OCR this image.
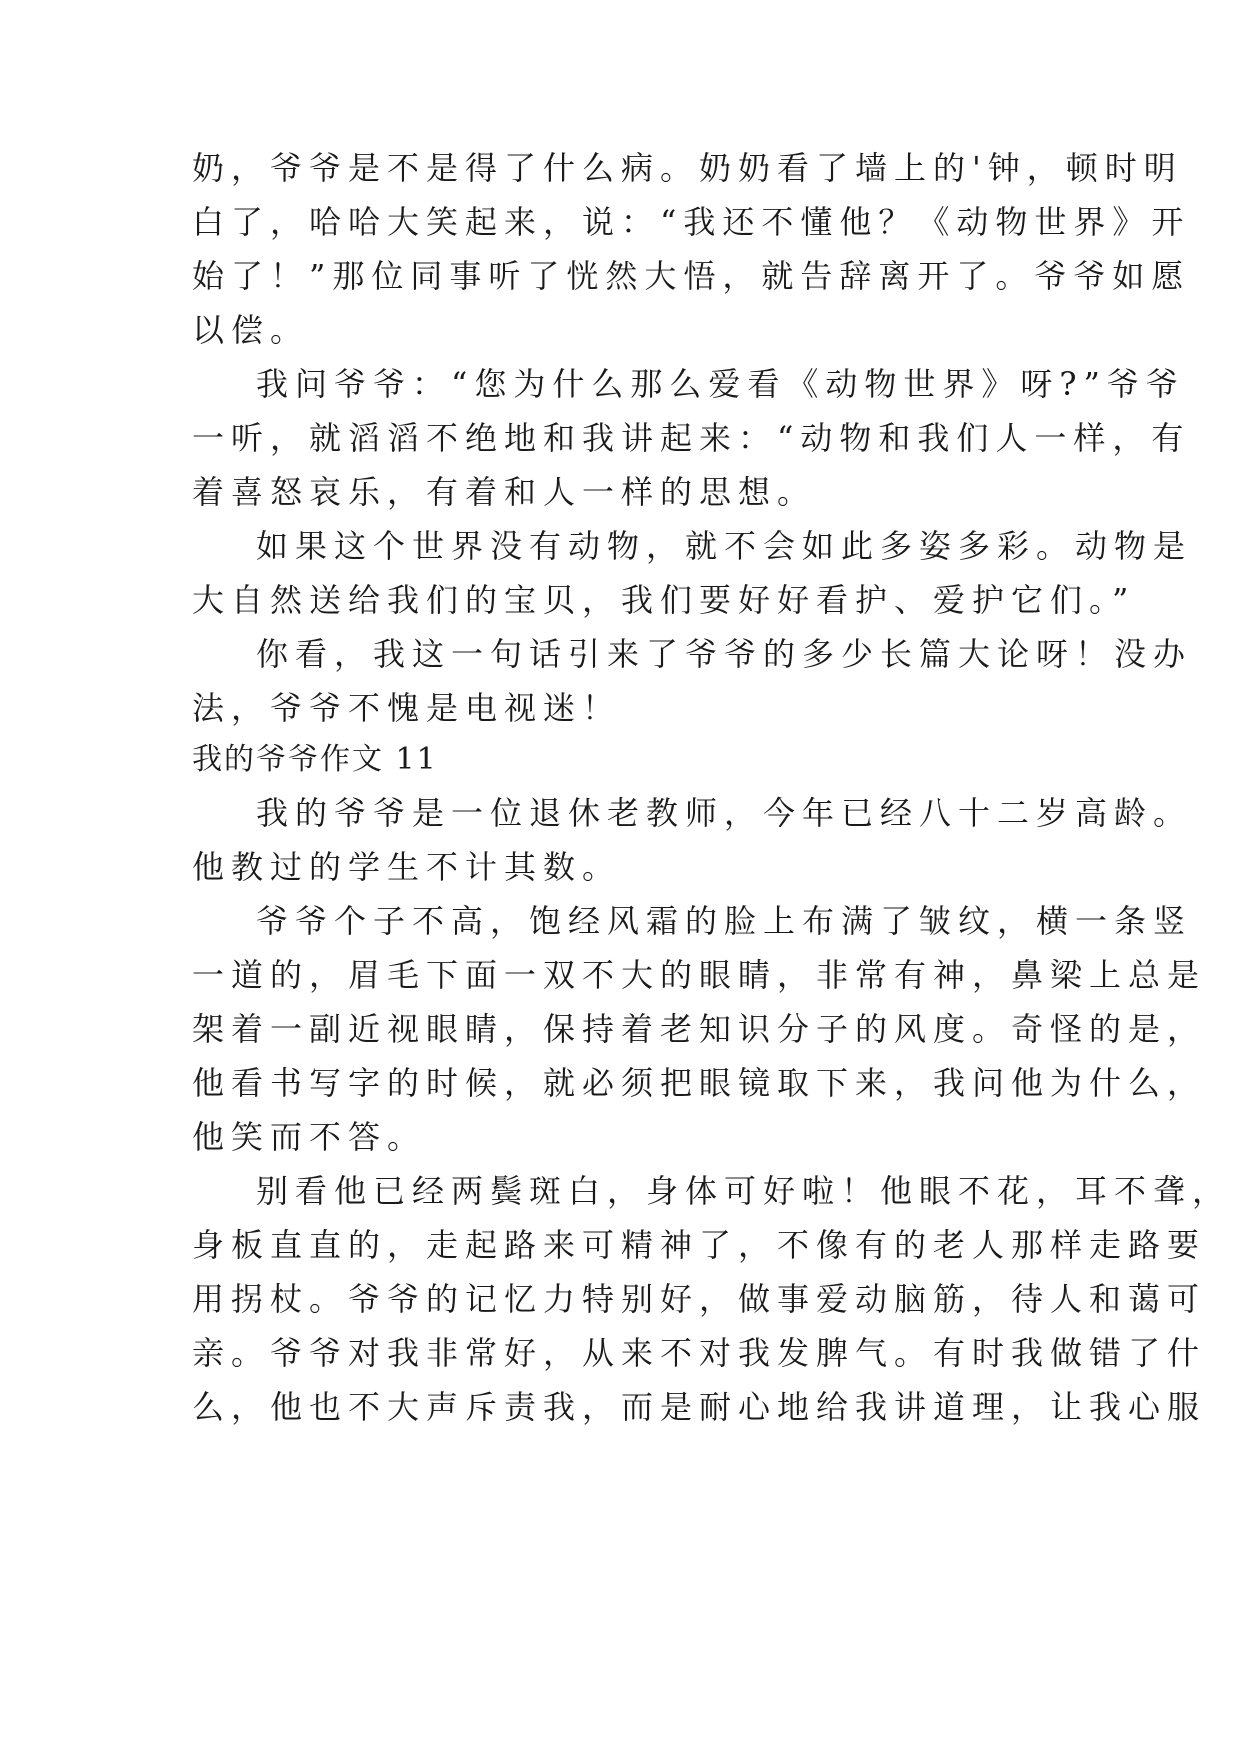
奶，爷爷是不是得了什么病。奶奶看了墙上的'钟，顿时明
白了，哈哈大笑起来，说：“我还不懂他？《动物世界》开
始了！”那位同事听了恍然大悟，就告辞离开了。爷爷如愿
以偿。
我问爷爷：“您为什么那么爱看《动物世界》呀?”爷爷
一听，就滔滔不绝地和我讲起来：“动物和我们人一样，有
着喜怒哀乐，有着和人一样的思想。
如果这个世界没有动物，就不会如此多姿多彩。动物是
大自然送给我们的宝贝，我们要好好看护、爱护它们。”
你看，我这一句话引来了爷爷的多少长篇大论呀！没办
法，爷爷不愧是电视迷！
我的爷爷作文 11
我的爷爷是一位退休老教师，今年已经八十二岁高龄。
他教过的学生不计其数。
爷爷个子不高，饱经风霜的脸上布满了皱纹，横一条竖
一道的，眉毛下面一双不大的眼睛，非常有神，鼻梁上总是
架着一副近视眼睛，保持着老知识分子的风度。奇怪的是，
他看书写字的时候，就必须把眼镜取下来，我问他为什么，
他笑而不答。
别看他已经两鬓斑白，身体可好啦！他眼不花，耳不聋，
身板直直的，走起路来可精神了，不像有的老人那样走路要
用拐杖。爷爷的记忆力特别好，做事爱动脑筋，待人和蔼可
亲。爷爷对我非常好，从来不对我发脾气。有时我做错了什
么，他也不大声斥责我，而是耐心地给我讲道理，让我心服
